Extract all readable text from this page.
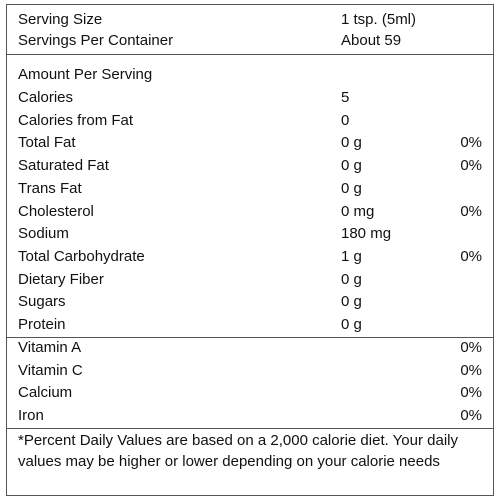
Serving Size	1 tsp. (5ml)
Servings Per Container	About 59
Amount Per Serving
Calories	5
Calories from Fat	0
Total Fat	0 g	0%
Saturated Fat	0 g	0%
Trans Fat	0 g
Cholesterol	0 mg	0%
Sodium	180 mg
Total Carbohydrate	1 g	0%
Dietary Fiber	0 g
Sugars	0 g
Protein	0 g
Vitamin A	0%
Vitamin C	0%
Calcium	0%
Iron	0%
*Percent Daily Values are based on a 2,000 calorie diet. Your daily values may be higher or lower depending on your calorie needs
